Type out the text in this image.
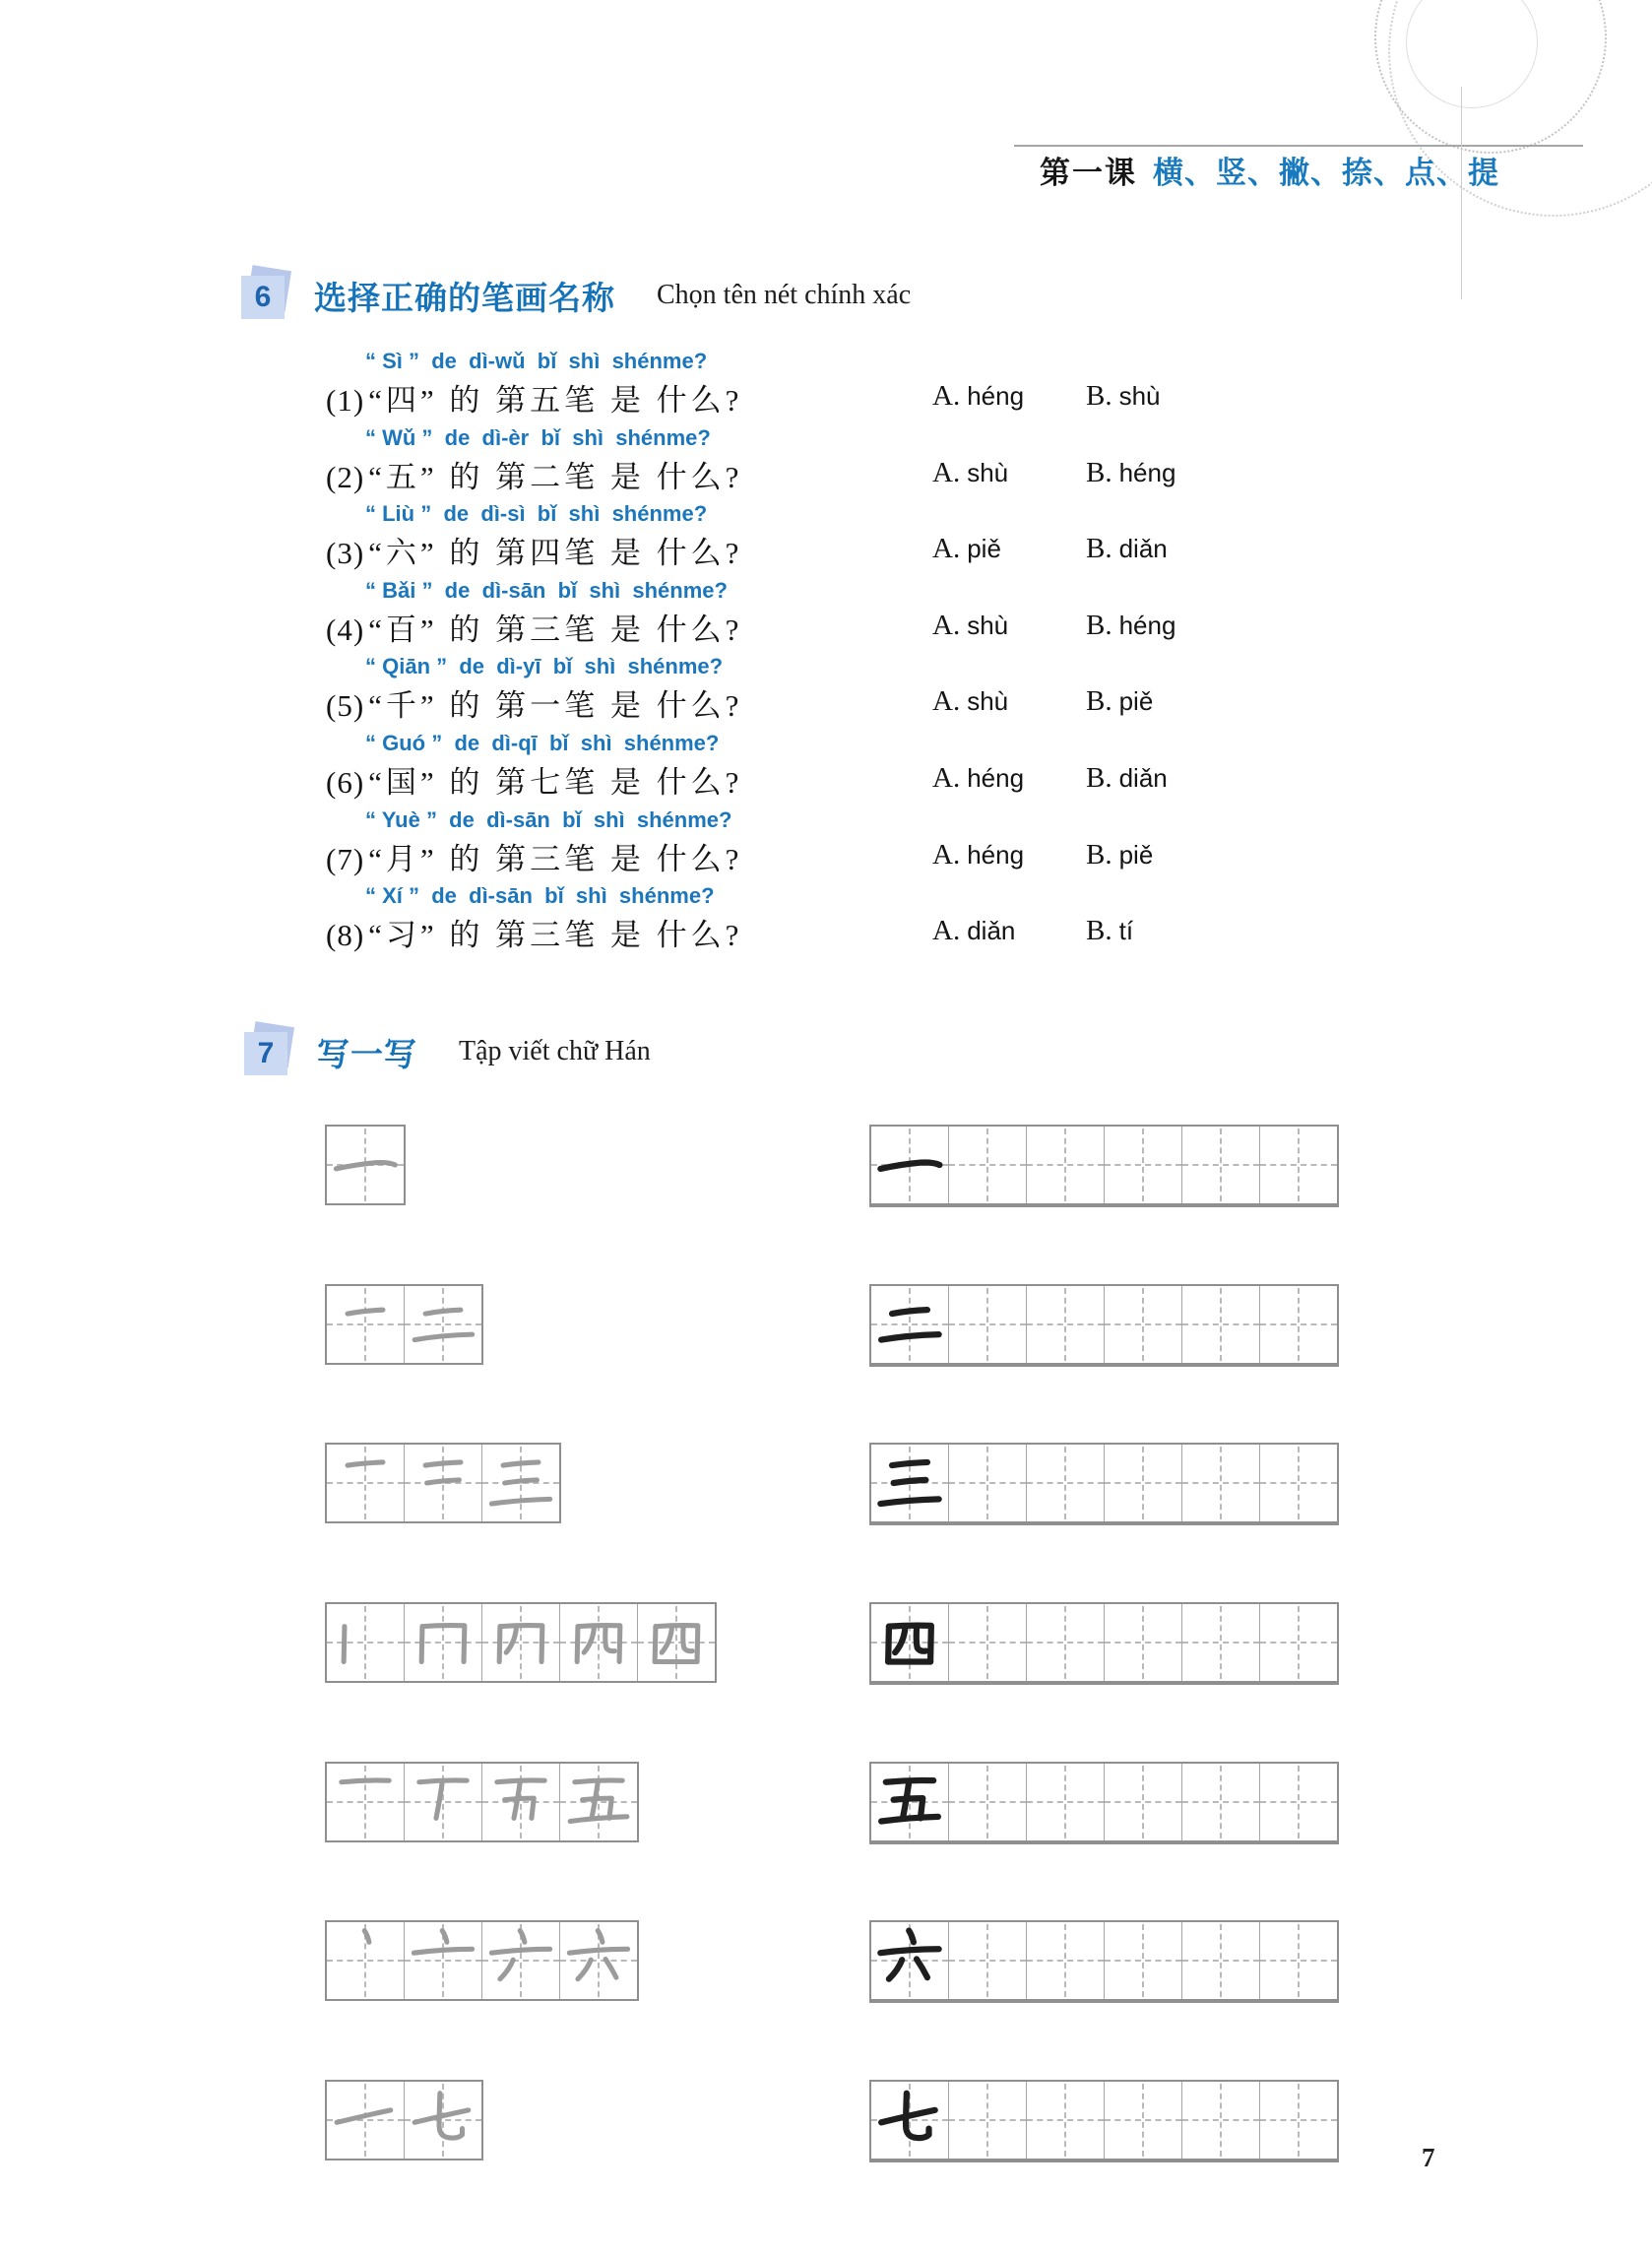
第一课 横、竖、撇、捺、点、提
6	选择正确的笔画名称 Chọn tên nét chính xác
“ Sì ”  de  dì-wǔ  bǐ  shì  shénme?
(1) “四” 的 第五笔 是 什么?	A. héng B. shù
“ Wǔ ”  de  dì-èr  bǐ  shì  shénme?
(2) “五” 的 第二笔 是 什么?	A. shù	B. héng
“ Liù ”  de  dì-sì  bǐ  shì  shénme?
(3) “六” 的 第四笔 是 什么?	A. piě	B. diǎn
“ Bǎi ”  de  dì-sān  bǐ  shì  shénme?
(4) “百” 的 第三笔 是 什么?	A. shù	B. héng
“ Qiān ”  de  dì-yī  bǐ  shì  shénme?
(5) “千” 的 第一笔 是 什么?	A. shù	B. piě
“ Guó ”  de  dì-qī  bǐ  shì  shénme?
(6) “国” 的 第七笔 是 什么?	A. héng B. diǎn
“ Yuè ”  de  dì-sān  bǐ  shì  shénme?
(7) “月” 的 第三笔 是 什么?	A. héng B. piě
“ Xí ”  de  dì-sān  bǐ  shì  shénme?
(8) “习” 的 第三笔 是 什么?	A. diǎn B. tí
7	写一写 Tập viết chữ Hán
7
